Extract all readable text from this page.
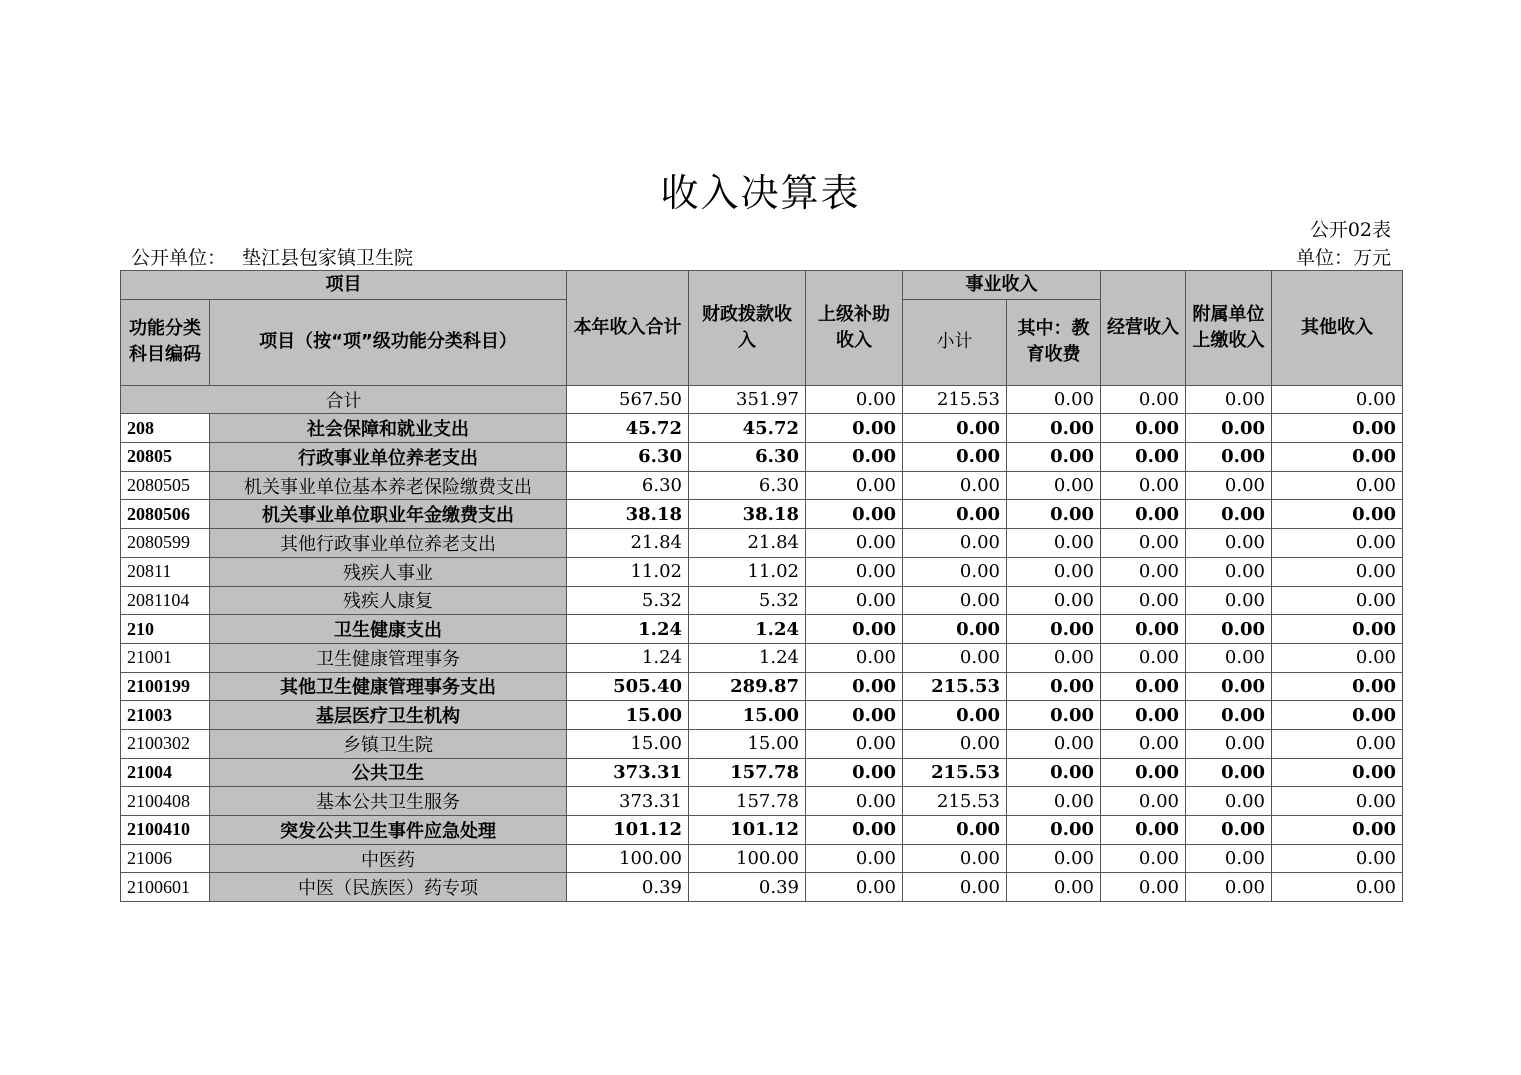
收入决算表
公开02表
公开单位： 垫江县包家镇卫生院	单位：万元
项目		本年收入合计	财政拨款收入	上级补助收入	事业收入		经营收入	附属单位上缴收入	其他收入
功能分类科目编码	项目（按“项”级功能分类科目）				小计	其中：教育收费			
合计		567.50	351.97	0.00	215.53	0.00	0.00	0.00	0.00
208	社会保障和就业支出	45.72	45.72	0.00	0.00	0.00	0.00	0.00	0.00
20805	行政事业单位养老支出	6.30	6.30	0.00	0.00	0.00	0.00	0.00	0.00
2080505	机关事业单位基本养老保险缴费支出	6.30	6.30	0.00	0.00	0.00	0.00	0.00	0.00
2080506	机关事业单位职业年金缴费支出	38.18	38.18	0.00	0.00	0.00	0.00	0.00	0.00
2080599	其他行政事业单位养老支出	21.84	21.84	0.00	0.00	0.00	0.00	0.00	0.00
20811	残疾人事业	11.02	11.02	0.00	0.00	0.00	0.00	0.00	0.00
2081104	残疾人康复	5.32	5.32	0.00	0.00	0.00	0.00	0.00	0.00
210	卫生健康支出	1.24	1.24	0.00	0.00	0.00	0.00	0.00	0.00
21001	卫生健康管理事务	1.24	1.24	0.00	0.00	0.00	0.00	0.00	0.00
2100199	其他卫生健康管理事务支出	505.40	289.87	0.00	215.53	0.00	0.00	0.00	0.00
21003	基层医疗卫生机构	15.00	15.00	0.00	0.00	0.00	0.00	0.00	0.00
2100302	乡镇卫生院	15.00	15.00	0.00	0.00	0.00	0.00	0.00	0.00
21004	公共卫生	373.31	157.78	0.00	215.53	0.00	0.00	0.00	0.00
2100408	基本公共卫生服务	373.31	157.78	0.00	215.53	0.00	0.00	0.00	0.00
2100410	突发公共卫生事件应急处理	101.12	101.12	0.00	0.00	0.00	0.00	0.00	0.00
21006	中医药	100.00	100.00	0.00	0.00	0.00	0.00	0.00	0.00
2100601	中医（民族医）药专项	0.39	0.39	0.00	0.00	0.00	0.00	0.00	0.00
